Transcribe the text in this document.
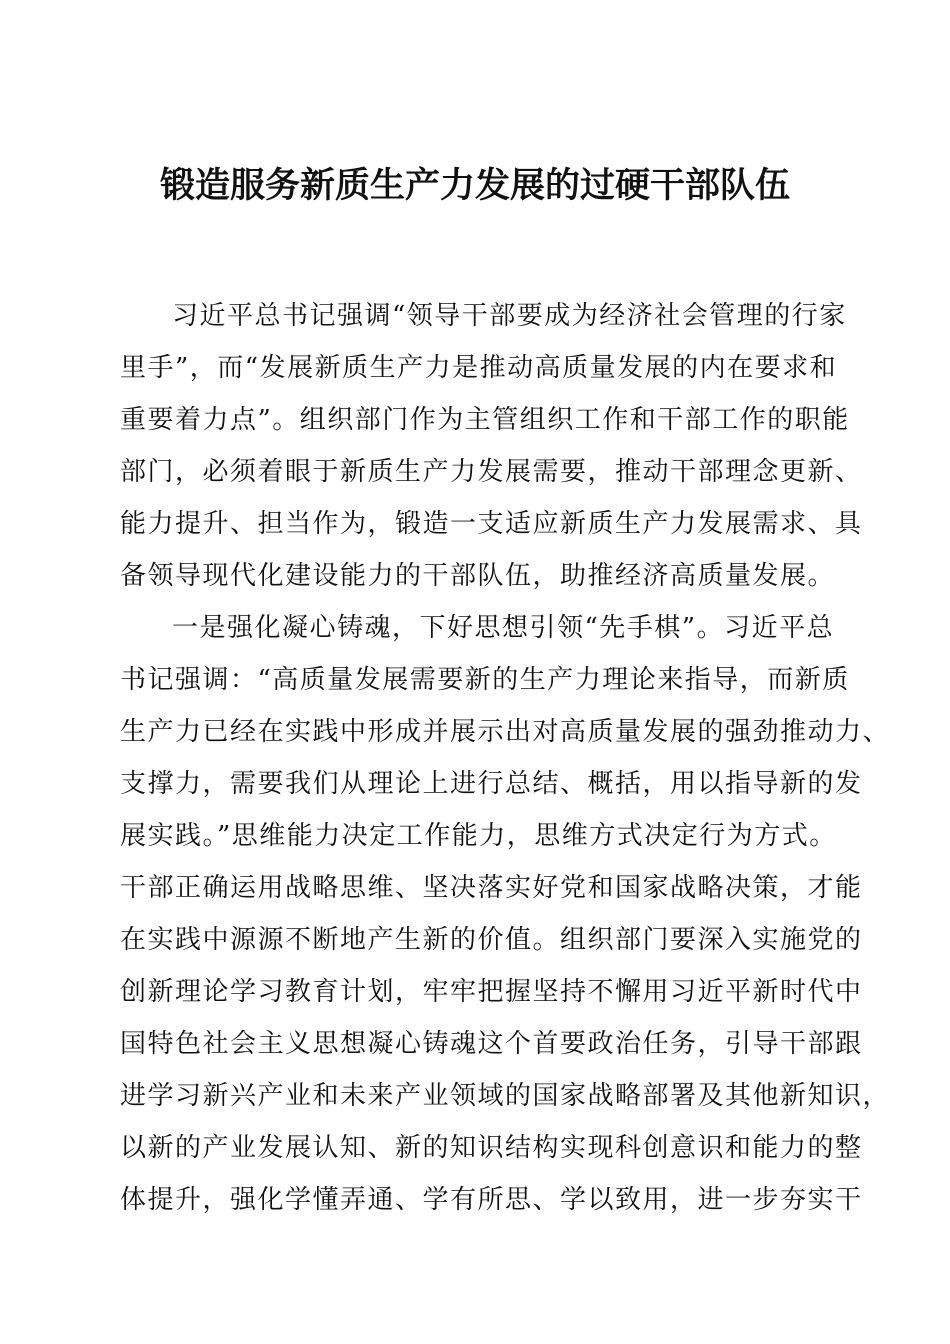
锻造服务新质生产力发展的过硬干部队伍
习近平总书记强调“领导干部要成为经济社会管理的行家
里手”，而“发展新质生产力是推动高质量发展的内在要求和
重要着力点”。组织部门作为主管组织工作和干部工作的职能
部门，必须着眼于新质生产力发展需要，推动干部理念更新、
能力提升、担当作为，锻造一支适应新质生产力发展需求、具
备领导现代化建设能力的干部队伍，助推经济高质量发展。
一是强化凝心铸魂，下好思想引领“先手棋”。习近平总
书记强调：“高质量发展需要新的生产力理论来指导，而新质
生产力已经在实践中形成并展示出对高质量发展的强劲推动力、
支撑力，需要我们从理论上进行总结、概括，用以指导新的发
展实践。”思维能力决定工作能力，思维方式决定行为方式。
干部正确运用战略思维、坚决落实好党和国家战略决策，才能
在实践中源源不断地产生新的价值。组织部门要深入实施党的
创新理论学习教育计划，牢牢把握坚持不懈用习近平新时代中
国特色社会主义思想凝心铸魂这个首要政治任务，引导干部跟
进学习新兴产业和未来产业领域的国家战略部署及其他新知识，
以新的产业发展认知、新的知识结构实现科创意识和能力的整
体提升，强化学懂弄通、学有所思、学以致用，进一步夯实干
